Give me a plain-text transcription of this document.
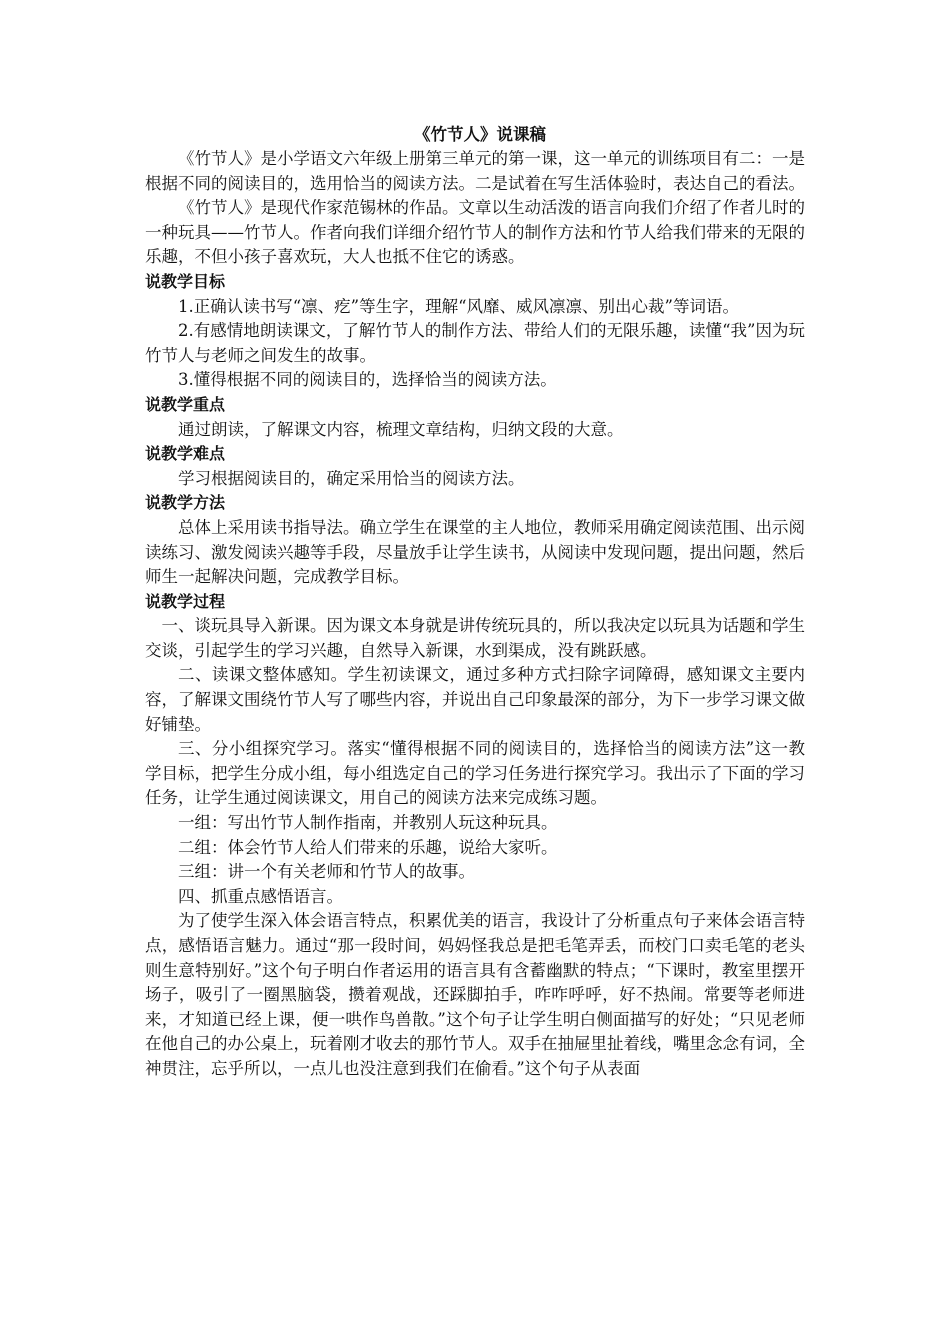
《竹节人》说课稿

《竹节人》是小学语文六年级上册第三单元的第一课，这一单元的训练项目有二：一是根据不同的阅读目的，选用恰当的阅读方法。二是试着在写生活体验时，表达自己的看法。

《竹节人》是现代作家范锡林的作品。文章以生动活泼的语言向我们介绍了作者儿时的一种玩具——竹节人。作者向我们详细介绍竹节人的制作方法和竹节人给我们带来的无限的乐趣，不但小孩子喜欢玩，大人也抵不住它的诱惑。

说教学目标

1.正确认读书写“凛、疙”等生字，理解“风靡、威风凛凛、别出心裁”等词语。

2.有感情地朗读课文，了解竹节人的制作方法、带给人们的无限乐趣，读懂“我”因为玩竹节人与老师之间发生的故事。

3.懂得根据不同的阅读目的，选择恰当的阅读方法。

说教学重点

通过朗读，了解课文内容，梳理文章结构，归纳文段的大意。

说教学难点

学习根据阅读目的，确定采用恰当的阅读方法。

说教学方法

总体上采用读书指导法。确立学生在课堂的主人地位，教师采用确定阅读范围、出示阅读练习、激发阅读兴趣等手段，尽量放手让学生读书，从阅读中发现问题，提出问题，然后师生一起解决问题，完成教学目标。

说教学过程

一、谈玩具导入新课。因为课文本身就是讲传统玩具的，所以我决定以玩具为话题和学生交谈，引起学生的学习兴趣，自然导入新课，水到渠成，没有跳跃感。

二、读课文整体感知。学生初读课文，通过多种方式扫除字词障碍，感知课文主要内容，了解课文围绕竹节人写了哪些内容，并说出自己印象最深的部分，为下一步学习课文做好铺垫。

三、分小组探究学习。落实“懂得根据不同的阅读目的，选择恰当的阅读方法”这一教学目标，把学生分成小组，每小组选定自己的学习任务进行探究学习。我出示了下面的学习任务，让学生通过阅读课文，用自己的阅读方法来完成练习题。

一组：写出竹节人制作指南，并教别人玩这种玩具。

二组：体会竹节人给人们带来的乐趣，说给大家听。

三组：讲一个有关老师和竹节人的故事。

四、抓重点感悟语言。

为了使学生深入体会语言特点，积累优美的语言，我设计了分析重点句子来体会语言特点，感悟语言魅力。通过“那一段时间，妈妈怪我总是把毛笔弄丢，而校门口卖毛笔的老头则生意特别好。”这个句子明白作者运用的语言具有含蓄幽默的特点；“下课时，教室里摆开场子，吸引了一圈黑脑袋，攒着观战，还踩脚拍手，咋咋呼呼，好不热闹。常要等老师进来，才知道已经上课，便一哄作鸟兽散。”这个句子让学生明白侧面描写的好处；“只见老师在他自己的办公桌上，玩着刚才收去的那竹节人。双手在抽屉里扯着线，嘴里念念有词，全神贯注，忘乎所以，一点儿也没注意到我们在偷看。”这个句子从表面
